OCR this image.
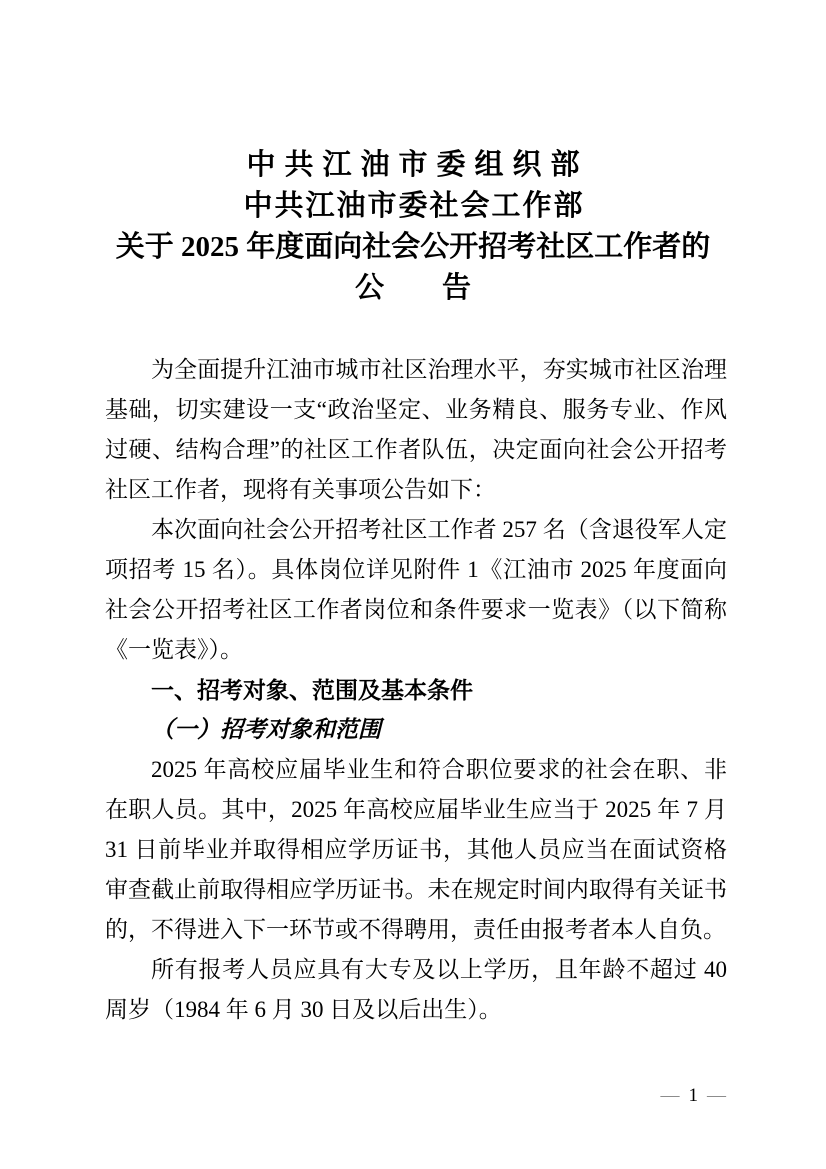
中共江油市委组织部
中共江油市委社会工作部
关于 2025 年度面向社会公开招考社区工作者的
公　　告

为全面提升江油市城市社区治理水平，夯实城市社区治理基础，切实建设一支“政治坚定、业务精良、服务专业、作风过硬、结构合理”的社区工作者队伍，决定面向社会公开招考社区工作者，现将有关事项公告如下：

本次面向社会公开招考社区工作者 257 名（含退役军人定项招考 15 名）。具体岗位详见附件 1《江油市 2025 年度面向社会公开招考社区工作者岗位和条件要求一览表》（以下简称《一览表》）。

一、招考对象、范围及基本条件

（一）招考对象和范围

2025 年高校应届毕业生和符合职位要求的社会在职、非在职人员。其中，2025 年高校应届毕业生应当于 2025 年 7 月 31 日前毕业并取得相应学历证书，其他人员应当在面试资格审查截止前取得相应学历证书。未在规定时间内取得有关证书的，不得进入下一环节或不得聘用，责任由报考者本人自负。

所有报考人员应具有大专及以上学历，且年龄不超过 40 周岁（1984 年 6 月 30 日及以后出生）。

— 1 —
